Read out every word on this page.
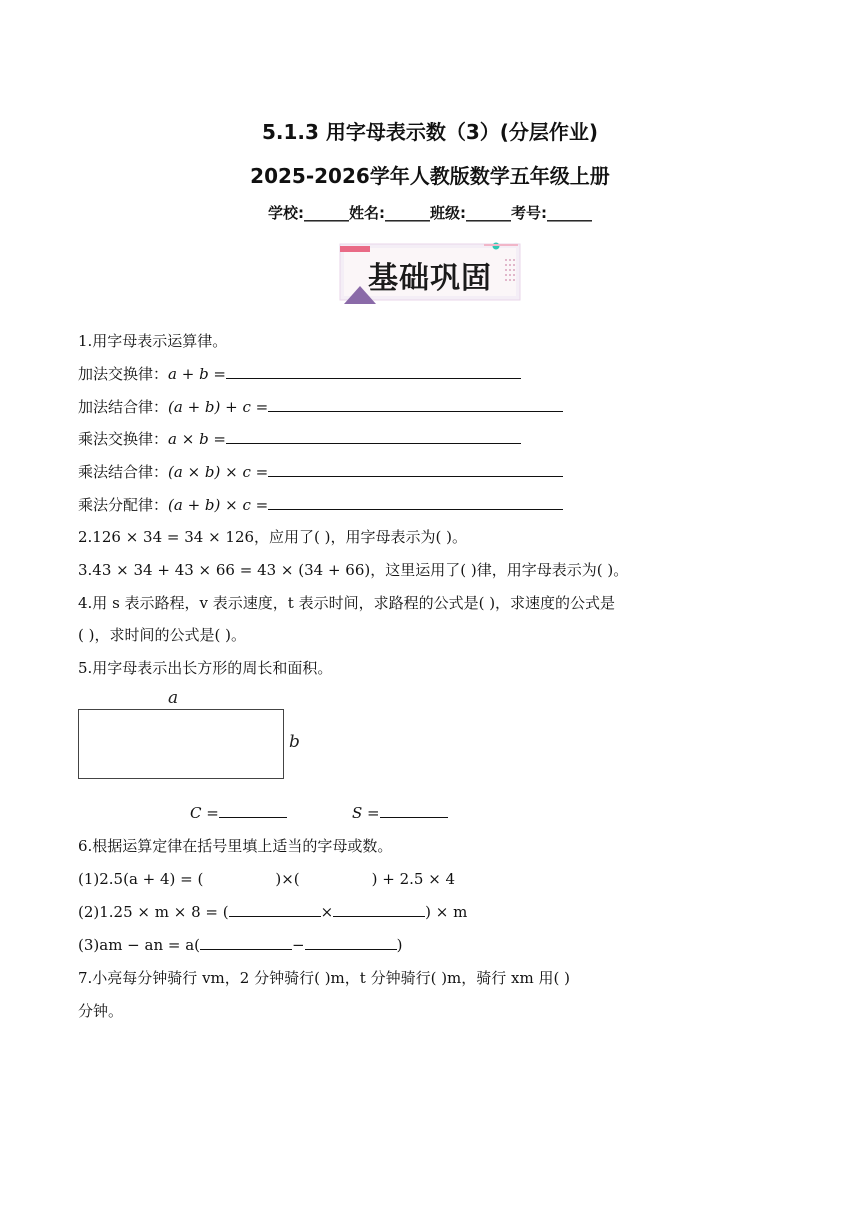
5.1.3 用字母表示数（3）(分层作业)
2025-2026学年人教版数学五年级上册
学校:______姓名:______班级:______考号:______
基础巩固
1.用字母表示运算律。
加法交换律：a + b =
加法结合律：(a + b) + c =
乘法交换律：a × b =
乘法结合律：(a × b) × c =
乘法分配律：(a + b) × c =
2.126 × 34 = 34 × 126，应用了( )，用字母表示为( )。
3.43 × 34 + 43 × 66 = 43 × (34 + 66)，这里运用了( )律，用字母表示为( )。
4.用 s 表示路程，v 表示速度，t 表示时间，求路程的公式是( )，求速度的公式是
( )，求时间的公式是( )。
5.用字母表示出长方形的周长和面积。
a
b
C =	S =
6.根据运算定律在括号里填上适当的字母或数。
(1)2.5(a + 4) = (	)×(	) + 2.5 × 4
(2)1.25 × m × 8 = (	×	) × m
(3)am − an = a(	−	)
7.小亮每分钟骑行 vm，2 分钟骑行( )m，t 分钟骑行( )m，骑行 xm 用( )
分钟。
